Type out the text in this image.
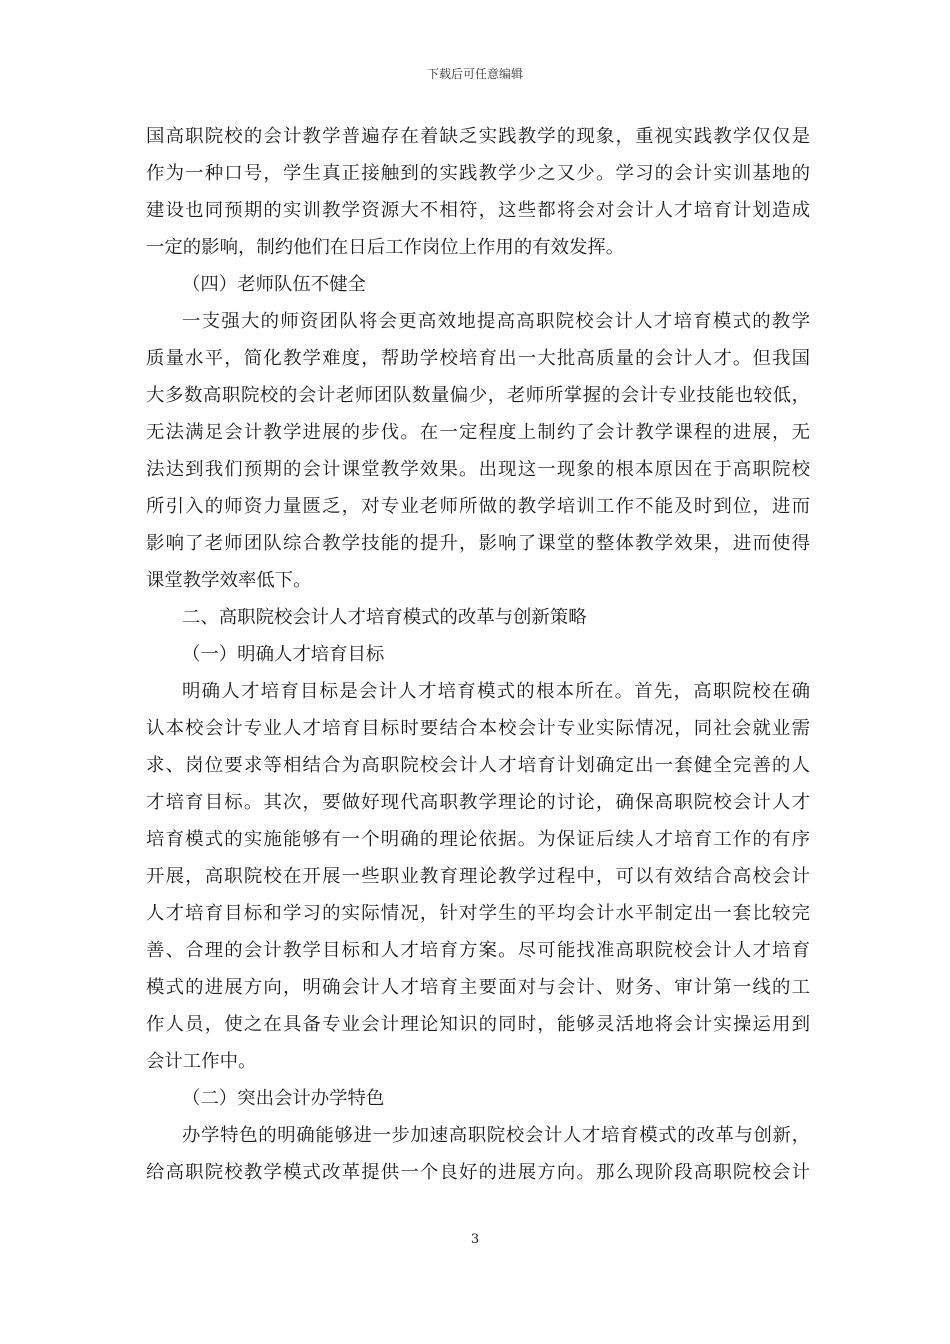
下载后可任意编辑
国高职院校的会计教学普遍存在着缺乏实践教学的现象，重视实践教学仅仅是
作为一种口号，学生真正接触到的实践教学少之又少。学习的会计实训基地的
建设也同预期的实训教学资源大不相符，这些都将会对会计人才培育计划造成
一定的影响，制约他们在日后工作岗位上作用的有效发挥。
（四）老师队伍不健全
一支强大的师资团队将会更高效地提高高职院校会计人才培育模式的教学
质量水平，简化教学难度，帮助学校培育出一大批高质量的会计人才。但我国
大多数高职院校的会计老师团队数量偏少，老师所掌握的会计专业技能也较低，
无法满足会计教学进展的步伐。在一定程度上制约了会计教学课程的进展，无
法达到我们预期的会计课堂教学效果。出现这一现象的根本原因在于高职院校
所引入的师资力量匮乏，对专业老师所做的教学培训工作不能及时到位，进而
影响了老师团队综合教学技能的提升，影响了课堂的整体教学效果，进而使得
课堂教学效率低下。
二、高职院校会计人才培育模式的改革与创新策略
（一）明确人才培育目标
明确人才培育目标是会计人才培育模式的根本所在。首先，高职院校在确
认本校会计专业人才培育目标时要结合本校会计专业实际情况，同社会就业需
求、岗位要求等相结合为高职院校会计人才培育计划确定出一套健全完善的人
才培育目标。其次，要做好现代高职教学理论的讨论，确保高职院校会计人才
培育模式的实施能够有一个明确的理论依据。为保证后续人才培育工作的有序
开展，高职院校在开展一些职业教育理论教学过程中，可以有效结合高校会计
人才培育目标和学习的实际情况，针对学生的平均会计水平制定出一套比较完
善、合理的会计教学目标和人才培育方案。尽可能找准高职院校会计人才培育
模式的进展方向，明确会计人才培育主要面对与会计、财务、审计第一线的工
作人员，使之在具备专业会计理论知识的同时，能够灵活地将会计实操运用到
会计工作中。
（二）突出会计办学特色
办学特色的明确能够进一步加速高职院校会计人才培育模式的改革与创新，
给高职院校教学模式改革提供一个良好的进展方向。那么现阶段高职院校会计
3
